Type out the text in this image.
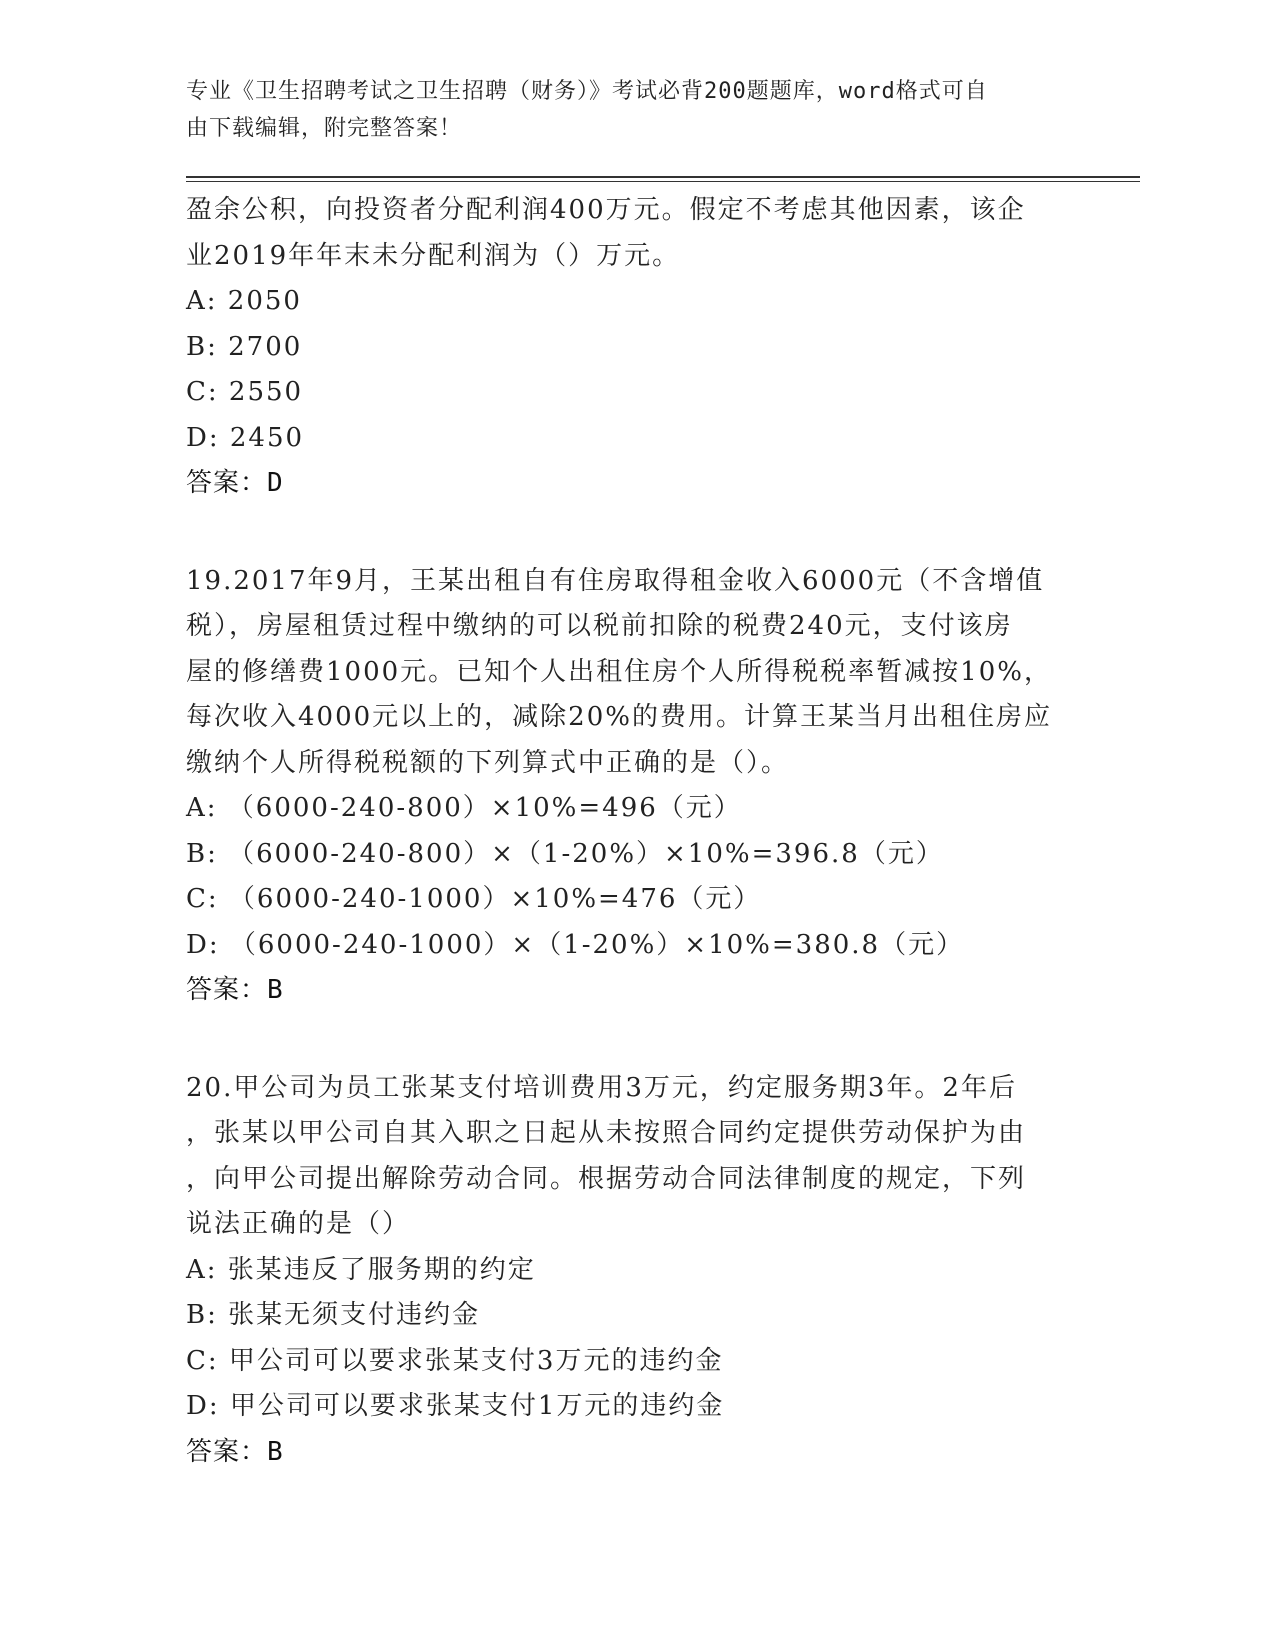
专业《卫生招聘考试之卫生招聘（财务）》考试必背200题题库，word格式可自
由下载编辑，附完整答案！
盈余公积，向投资者分配利润400万元。假定不考虑其他因素，该企
业2019年年末未分配利润为（）万元。
A: 2050
B: 2700
C: 2550
D: 2450
答案：D
19.2017年9月，王某出租自有住房取得租金收入6000元（不含增值
税），房屋租赁过程中缴纳的可以税前扣除的税费240元，支付该房
屋的修缮费1000元。已知个人出租住房个人所得税税率暂减按10%，
每次收入4000元以上的，减除20%的费用。计算王某当月出租住房应
缴纳个人所得税税额的下列算式中正确的是（）。
A: （6000-240-800）×10%=496（元）
B: （6000-240-800）×（1-20%）×10%=396.8（元）
C: （6000-240-1000）×10%=476（元）
D: （6000-240-1000）×（1-20%）×10%=380.8（元）
答案：B
20.甲公司为员工张某支付培训费用3万元，约定服务期3年。2年后
，张某以甲公司自其入职之日起从未按照合同约定提供劳动保护为由
，向甲公司提出解除劳动合同。根据劳动合同法律制度的规定，下列
说法正确的是（）
A: 张某违反了服务期的约定
B: 张某无须支付违约金
C: 甲公司可以要求张某支付3万元的违约金
D: 甲公司可以要求张某支付1万元的违约金
答案：B
